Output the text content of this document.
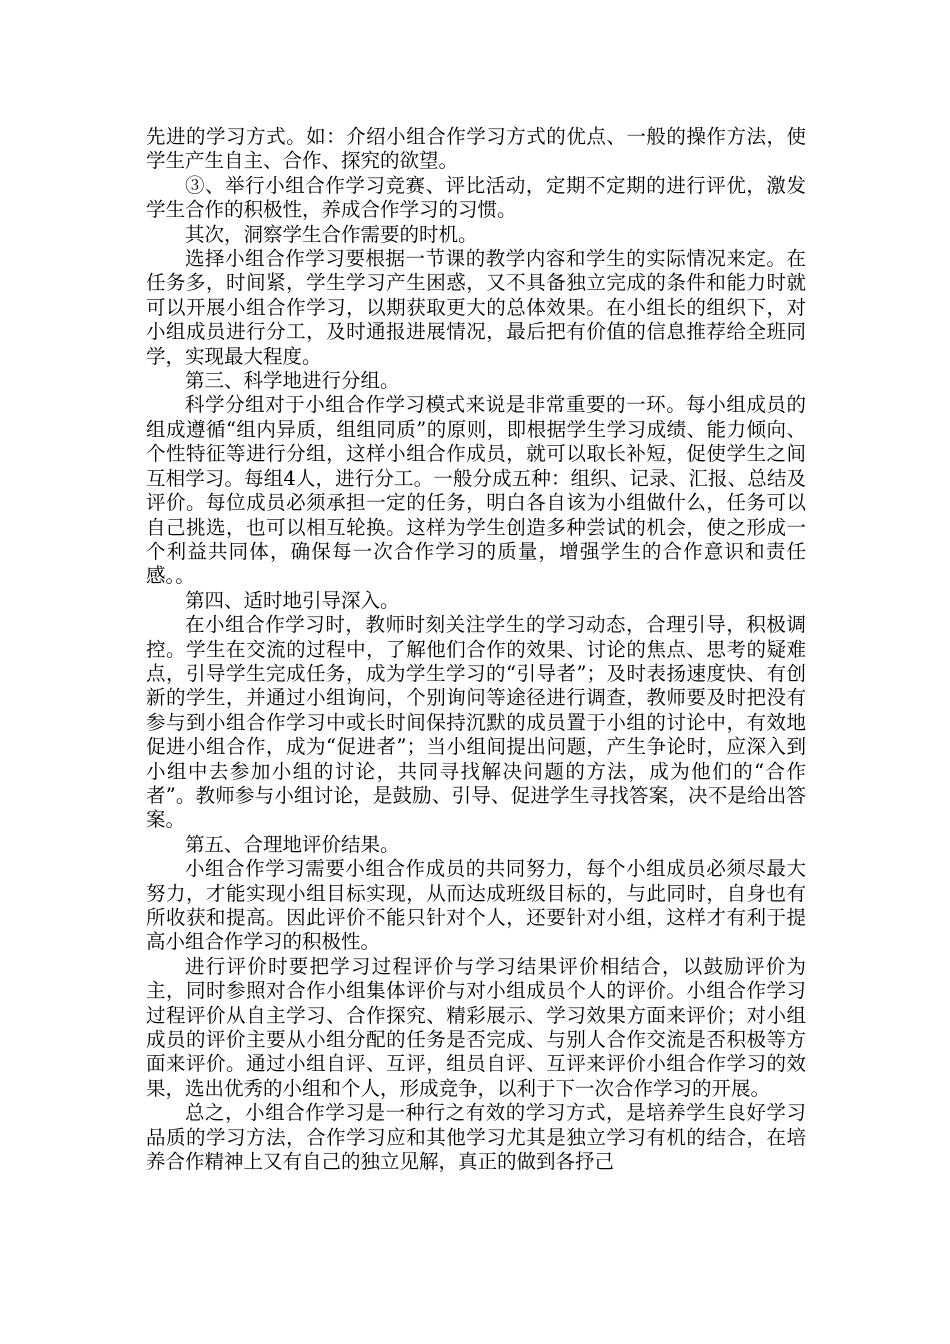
先进的学习方式。如：介绍小组合作学习方式的优点、一般的操作方法，使学生产生自主、合作、探究的欲望。

③、举行小组合作学习竞赛、评比活动，定期不定期的进行评优，激发学生合作的积极性，养成合作学习的习惯。

其次，洞察学生合作需要的时机。

选择小组合作学习要根据一节课的教学内容和学生的实际情况来定。在任务多，时间紧，学生学习产生困惑，又不具备独立完成的条件和能力时就可以开展小组合作学习，以期获取更大的总体效果。在小组长的组织下，对小组成员进行分工，及时通报进展情况，最后把有价值的信息推荐给全班同学，实现最大程度。

第三、科学地进行分组。

科学分组对于小组合作学习模式来说是非常重要的一环。每小组成员的组成遵循“组内异质，组组同质”的原则，即根据学生学习成绩、能力倾向、个性特征等进行分组，这样小组合作成员，就可以取长补短，促使学生之间互相学习。每组4人，进行分工。一般分成五种：组织、记录、汇报、总结及评价。每位成员必须承担一定的任务，明白各自该为小组做什么，任务可以自己挑选，也可以相互轮换。这样为学生创造多种尝试的机会，使之形成一个利益共同体，确保每一次合作学习的质量，增强学生的合作意识和责任感。。

第四、适时地引导深入。

在小组合作学习时，教师时刻关注学生的学习动态，合理引导，积极调控。学生在交流的过程中，了解他们合作的效果、讨论的焦点、思考的疑难点，引导学生完成任务，成为学生学习的“引导者”；及时表扬速度快、有创新的学生，并通过小组询问，个别询问等途径进行调查，教师要及时把没有参与到小组合作学习中或长时间保持沉默的成员置于小组的讨论中，有效地促进小组合作，成为“促进者”；当小组间提出问题，产生争论时，应深入到小组中去参加小组的讨论，共同寻找解决问题的方法，成为他们的“合作者”。教师参与小组讨论，是鼓励、引导、促进学生寻找答案，决不是给出答案。

第五、合理地评价结果。

小组合作学习需要小组合作成员的共同努力，每个小组成员必须尽最大努力，才能实现小组目标实现，从而达成班级目标的，与此同时，自身也有所收获和提高。因此评价不能只针对个人，还要针对小组，这样才有利于提高小组合作学习的积极性。

进行评价时要把学习过程评价与学习结果评价相结合，以鼓励评价为主，同时参照对合作小组集体评价与对小组成员个人的评价。小组合作学习过程评价从自主学习、合作探究、精彩展示、学习效果方面来评价；对小组成员的评价主要从小组分配的任务是否完成、与别人合作交流是否积极等方面来评价。通过小组自评、互评，组员自评、互评来评价小组合作学习的效果，选出优秀的小组和个人，形成竞争，以利于下一次合作学习的开展。

总之，小组合作学习是一种行之有效的学习方式，是培养学生良好学习品质的学习方法，合作学习应和其他学习尤其是独立学习有机的结合，在培养合作精神上又有自己的独立见解，真正的做到各抒己
